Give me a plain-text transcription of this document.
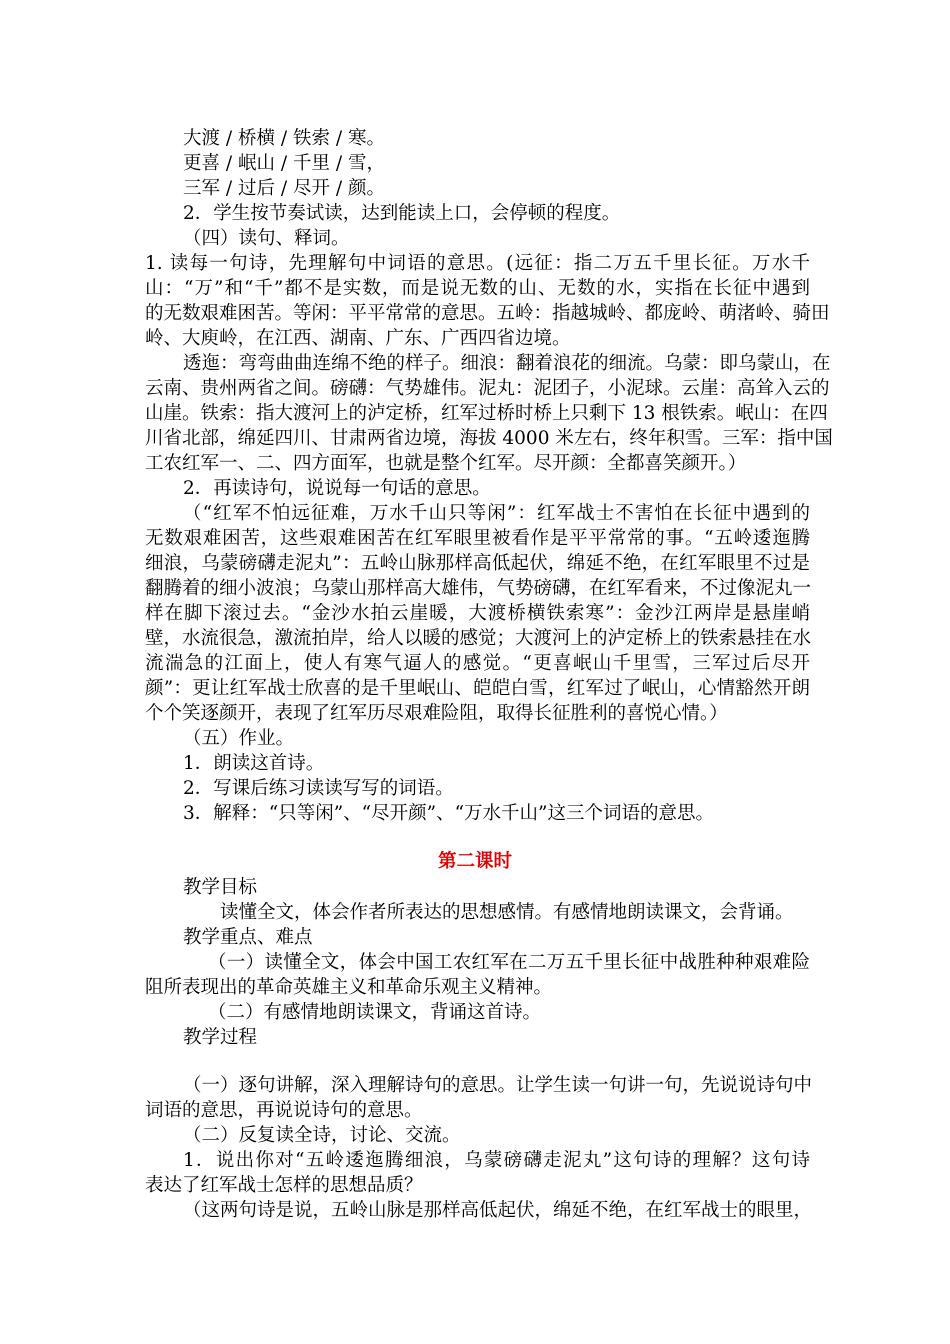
大渡 / 桥横 / 铁索 / 寒。
更喜 / 岷山 / 千里 / 雪，
三军 / 过后 / 尽开 / 颜。
2．学生按节奏试读，达到能读上口，会停顿的程度。
（四）读句、释词。
1. 读每一句诗，先理解句中词语的意思。(远征：指二万五千里长征。万水千
山：“万”和“千”都不是实数，而是说无数的山、无数的水，实指在长征中遇到
的无数艰难困苦。等闲：平平常常的意思。五岭：指越城岭、都庞岭、萌渚岭、骑田
岭、大庾岭，在江西、湖南、广东、广西四省边境。
透迤：弯弯曲曲连绵不绝的样子。细浪：翻着浪花的细流。乌蒙：即乌蒙山，在
云南、贵州两省之间。磅礴：气势雄伟。泥丸：泥团子，小泥球。云崖：高耸入云的
山崖。铁索：指大渡河上的泸定桥，红军过桥时桥上只剩下 13 根铁索。岷山：在四
川省北部，绵延四川、甘肃两省边境，海拔 4000 米左右，终年积雪。三军：指中国
工农红军一、二、四方面军，也就是整个红军。尽开颜：全都喜笑颜开。）
2．再读诗句，说说每一句话的意思。
（“红军不怕远征难，万水千山只等闲”：红军战士不害怕在长征中遇到的
无数艰难困苦，这些艰难困苦在红军眼里被看作是平平常常的事。“五岭逶迤腾
细浪，乌蒙磅礴走泥丸”：五岭山脉那样高低起伏，绵延不绝，在红军眼里不过是
翻腾着的细小波浪；乌蒙山那样高大雄伟，气势磅礴，在红军看来，不过像泥丸一
样在脚下滚过去。“金沙水拍云崖暖，大渡桥横铁索寒”：金沙江两岸是悬崖峭
壁，水流很急，激流拍岸，给人以暖的感觉；大渡河上的泸定桥上的铁索悬挂在水
流湍急的江面上，使人有寒气逼人的感觉。“更喜岷山千里雪，三军过后尽开
颜”：更让红军战士欣喜的是千里岷山、皑皑白雪，红军过了岷山，心情豁然开朗
个个笑逐颜开，表现了红军历尽艰难险阻，取得长征胜利的喜悦心情。）
（五）作业。
1．朗读这首诗。
2．写课后练习读读写写的词语。
3．解释：“只等闲”、“尽开颜”、“万水千山”这三个词语的意思。
第二课时
教学目标
读懂全文，体会作者所表达的思想感情。有感情地朗读课文，会背诵。
教学重点、难点
（一）读懂全文，体会中国工农红军在二万五千里长征中战胜种种艰难险
阻所表现出的革命英雄主义和革命乐观主义精神。
（二）有感情地朗读课文，背诵这首诗。
教学过程
（一）逐句讲解，深入理解诗句的意思。让学生读一句讲一句，先说说诗句中
词语的意思，再说说诗句的意思。
（二）反复读全诗，讨论、交流。
1．说出你对“五岭逶迤腾细浪，乌蒙磅礴走泥丸”这句诗的理解？这句诗
表达了红军战士怎样的思想品质？
（这两句诗是说，五岭山脉是那样高低起伏，绵延不绝，在红军战士的眼里，
